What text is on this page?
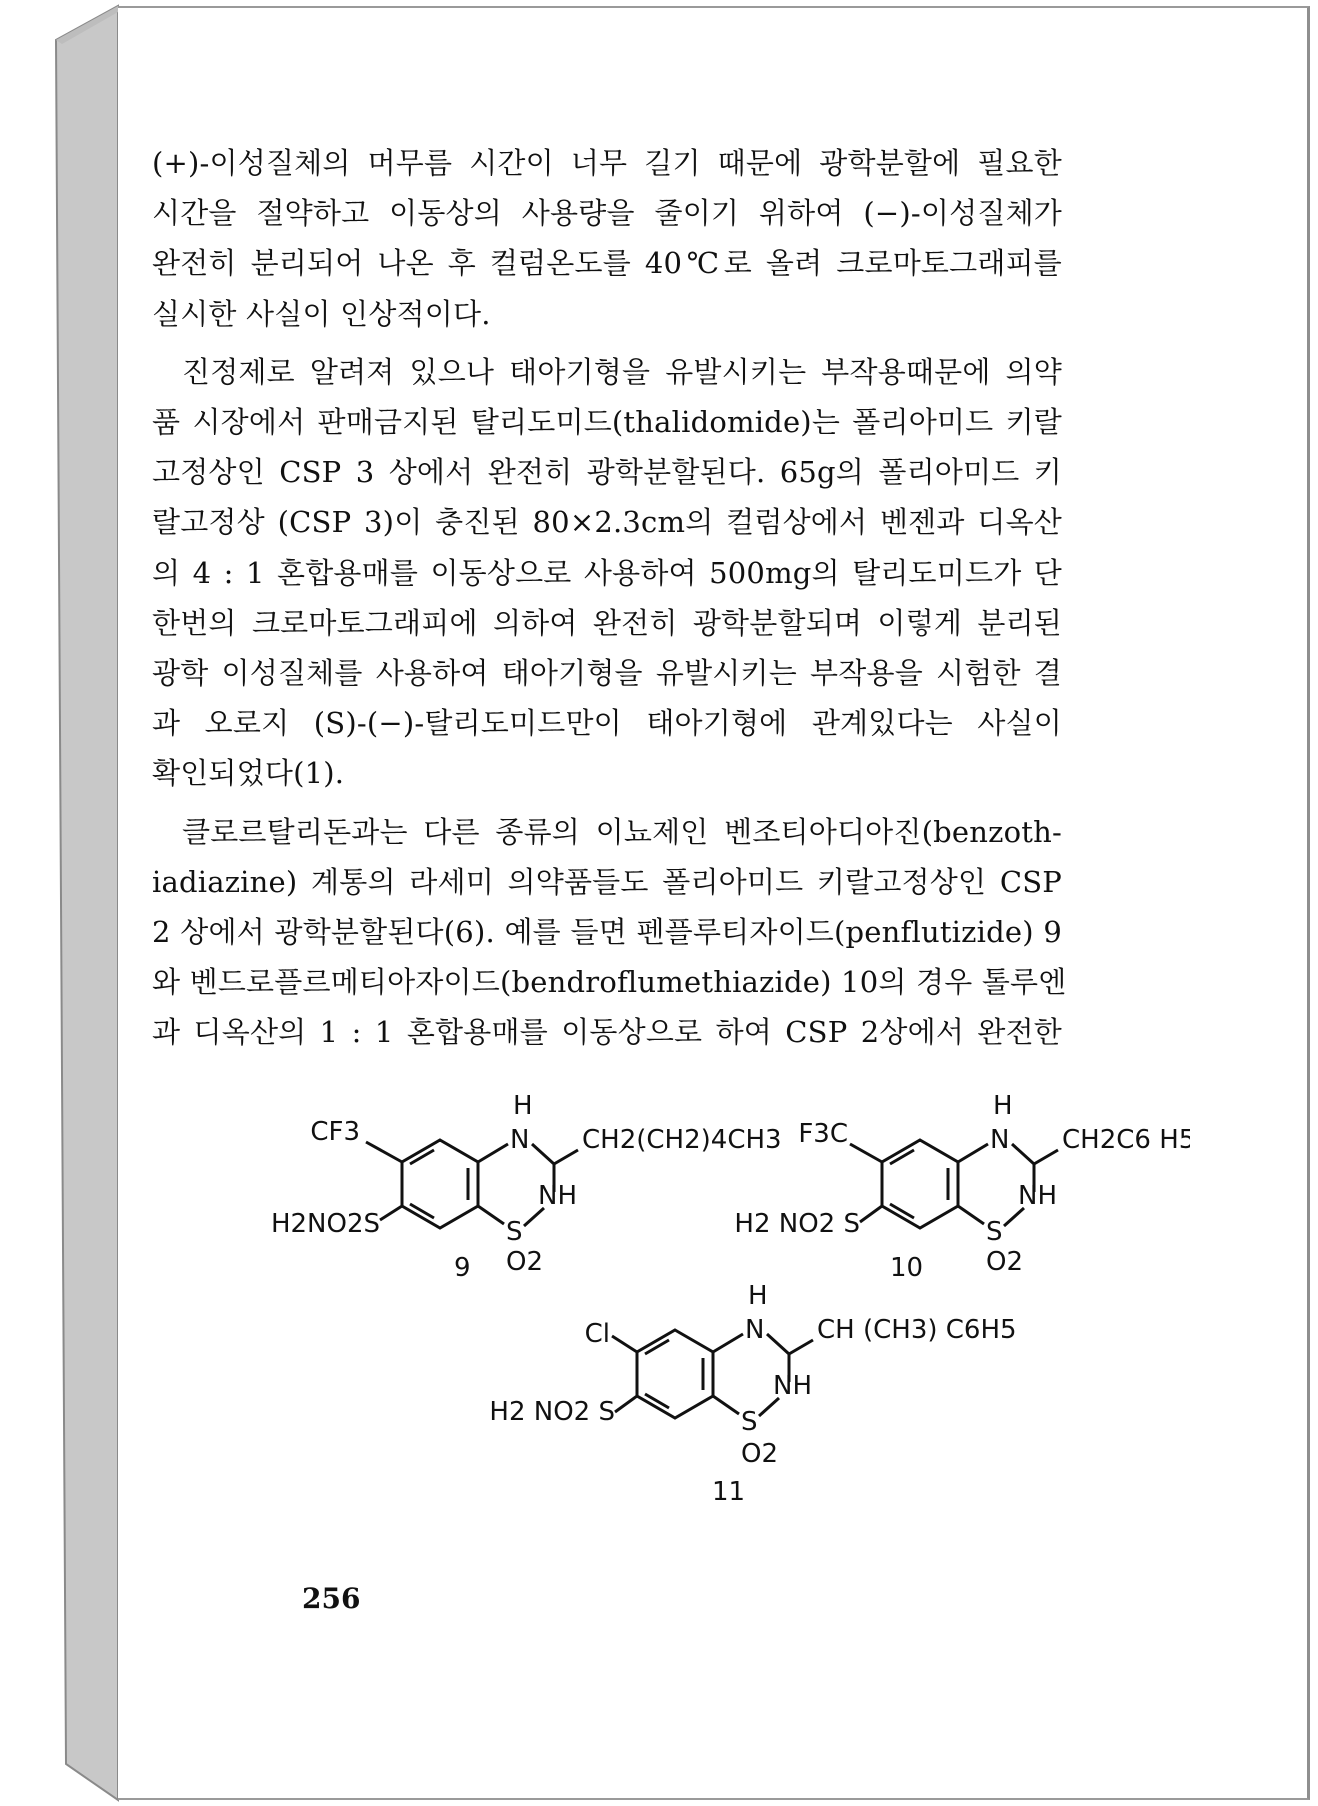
(+)-이성질체의 머무름 시간이 너무 길기 때문에 광학분할에 필요한
시간을 절약하고 이동상의 사용량을 줄이기 위하여 (−)-이성질체가
완전히 분리되어 나온 후 컬럼온도를 40℃로 올려 크로마토그래피를
실시한 사실이 인상적이다.
진정제로 알려져 있으나 태아기형을 유발시키는 부작용때문에 의약
품 시장에서 판매금지된 탈리도미드(thalidomide)는 폴리아미드 키랄
고정상인 CSP 3 상에서 완전히 광학분할된다. 65g의 폴리아미드 키
랄고정상 (CSP 3)이 충진된 80×2.3cm의 컬럼상에서 벤젠과 디옥산
의 4 : 1 혼합용매를 이동상으로 사용하여 500mg의 탈리도미드가 단
한번의 크로마토그래피에 의하여 완전히 광학분할되며 이렇게 분리된
광학 이성질체를 사용하여 태아기형을 유발시키는 부작용을 시험한 결
과 오로지 (S)-(−)-탈리도미드만이 태아기형에 관계있다는 사실이
확인되었다(1).
클로르탈리돈과는 다른 종류의 이뇨제인 벤조티아디아진(benzoth-
iadiazine) 계통의 라세미 의약품들도 폴리아미드 키랄고정상인 CSP
2 상에서 광학분할된다(6). 예를 들면 펜플루티자이드(penflutizide) 9
와 벤드로플르메티아자이드(bendroflumethiazide) 10의 경우 톨루엔
과 디옥산의 1 : 1 혼합용매를 이동상으로 하여 CSP 2상에서 완전한
CF3
H2NO2S
H
N CH2(CH2)4CH3
NH
S
O2
9
F3C
H2 NO2 S
H
N CH2C6 H5
NH
S
O2
10
Cl
H2 NO2 S
H
N CH (CH3) C6H5
NH
S
O2
11
256
